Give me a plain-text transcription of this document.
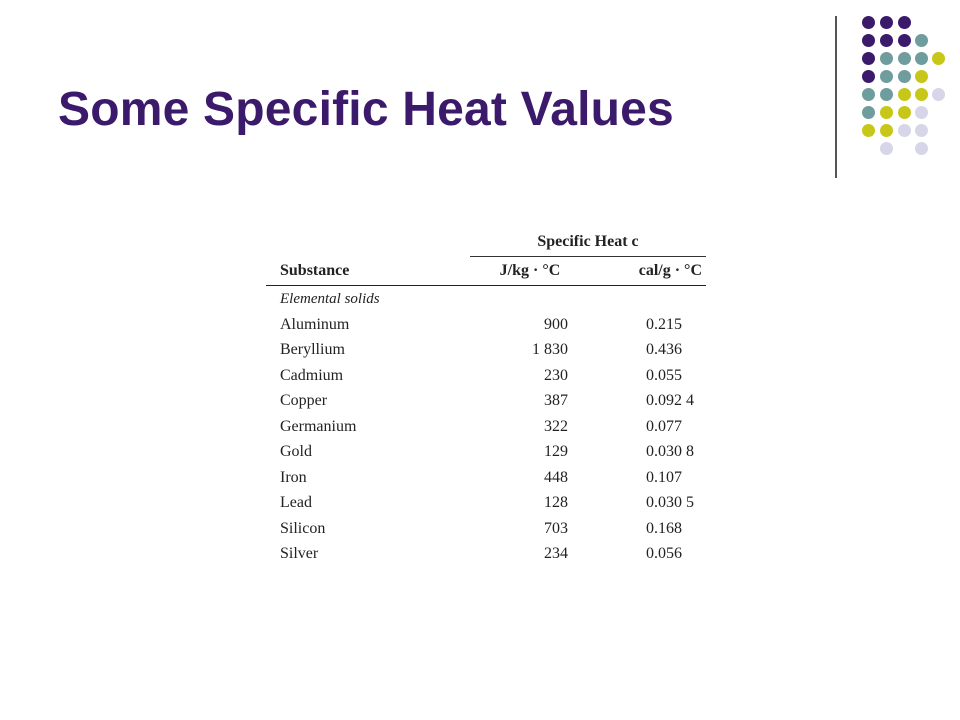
Some Specific Heat Values
	Specific Heat c	
Substance	J/kg · °C	cal/g · °C
Elemental solids		
Aluminum	900	0.215
Beryllium	1 830	0.436
Cadmium	230	0.055
Copper	387	0.092 4
Germanium	322	0.077
Gold	129	0.030 8
Iron	448	0.107
Lead	128	0.030 5
Silicon	703	0.168
Silver	234	0.056
